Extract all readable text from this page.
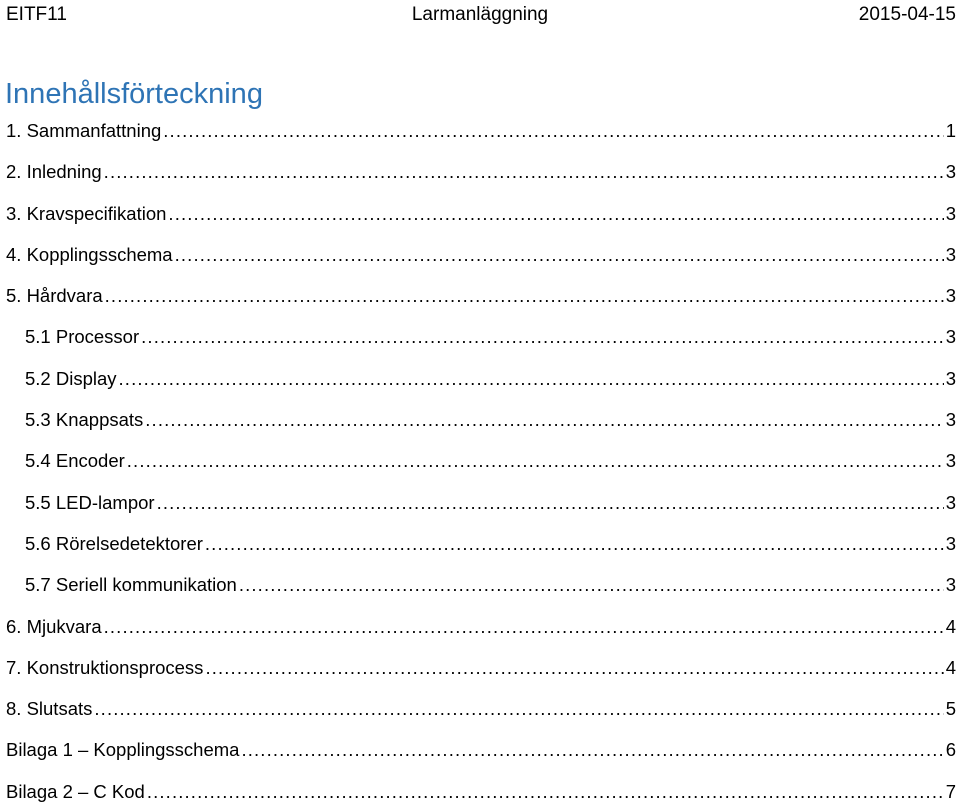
EITF11	Larmanläggning	2015-04-15
Innehållsförteckning
1. Sammanfattning . . .	1
2. Inledning . . .	3
3. Kravspecifikation . . .	3
4. Kopplingsschema . . .	3
5. Hårdvara . . .	3
5.1 Processor . . .	3
5.2 Display . . .	3
5.3 Knappsats . . .	3
5.4 Encoder . . .	3
5.5 LED-lampor . . .	3
5.6 Rörelsedetektorer . . .	3
5.7 Seriell kommunikation . . .	3
6. Mjukvara . . .	4
7. Konstruktionsprocess . . .	4
8. Slutsats . . .	5
Bilaga 1 – Kopplingsschema . . .	6
Bilaga 2 – C Kod . . .	7
